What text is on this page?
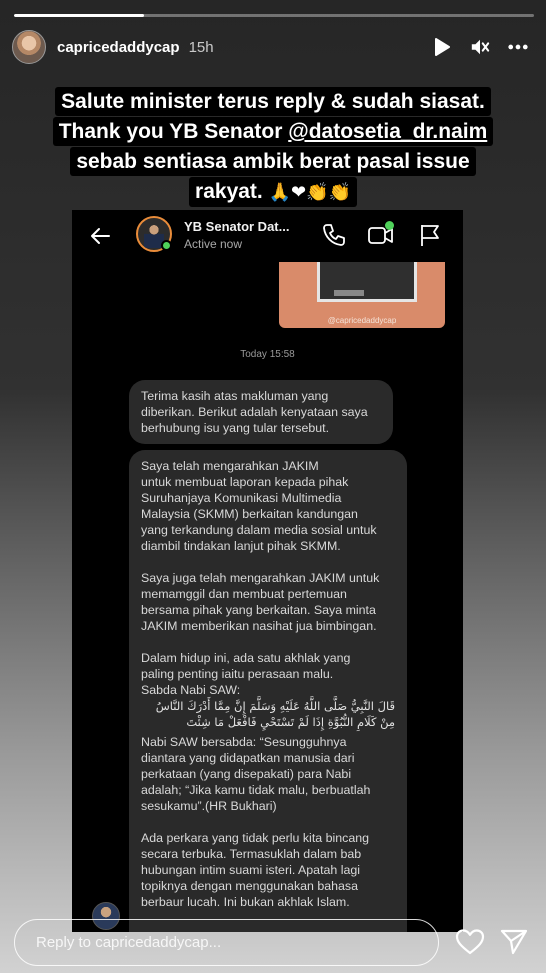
capricedaddycap 15h
Salute minister terus reply & sudah siasat.
Thank you YB Senator @datosetia_dr.naim
sebab sentiasa ambik berat pasal issue
rakyat. 🙏❤👏👏
YB Senator Dat...
Active now
@capricedaddycap
Today 15:58

Terima kasih atas makluman yang
diberikan. Berikut adalah kenyataan saya
berhubung isu yang tular tersebut.

Saya telah mengarahkan JAKIM
untuk membuat laporan kepada pihak
Suruhanjaya Komunikasi Multimedia
Malaysia (SKMM) berkaitan kandungan
yang terkandung dalam media sosial untuk
diambil tindakan lanjut pihak SKMM.

Saya juga telah mengarahkan JAKIM untuk
memamggil dan membuat pertemuan
bersama pihak yang berkaitan. Saya minta
JAKIM memberikan nasihat jua bimbingan.

Dalam hidup ini, ada satu akhlak yang
paling penting iaitu perasaan malu.
Sabda Nabi SAW:

قَالَ النَّبِيُّ صَلَّى اللَّهُ عَلَيْهِ وَسَلَّمَ إِنَّ مِمَّا أَدْرَكَ النَّاسُ مِنْ كَلَامِ النُّبُوَّةِ إِذَا لَمْ تَسْتَحْيِ فَافْعَلْ مَا شِئْتَ

Nabi SAW bersabda: “Sesungguhnya
diantara yang didapatkan manusia dari
perkataan (yang disepakati) para Nabi
adalah; “Jika kamu tidak malu, berbuatlah
sesukamu”.(HR Bukhari)

Ada perkara yang tidak perlu kita bincang
secara terbuka. Termasuklah dalam bab
hubungan intim suami isteri. Apatah lagi
topiknya dengan menggunakan bahasa
berbaur lucah. Ini bukan akhlak Islam.

Reply to capricedaddycap...
